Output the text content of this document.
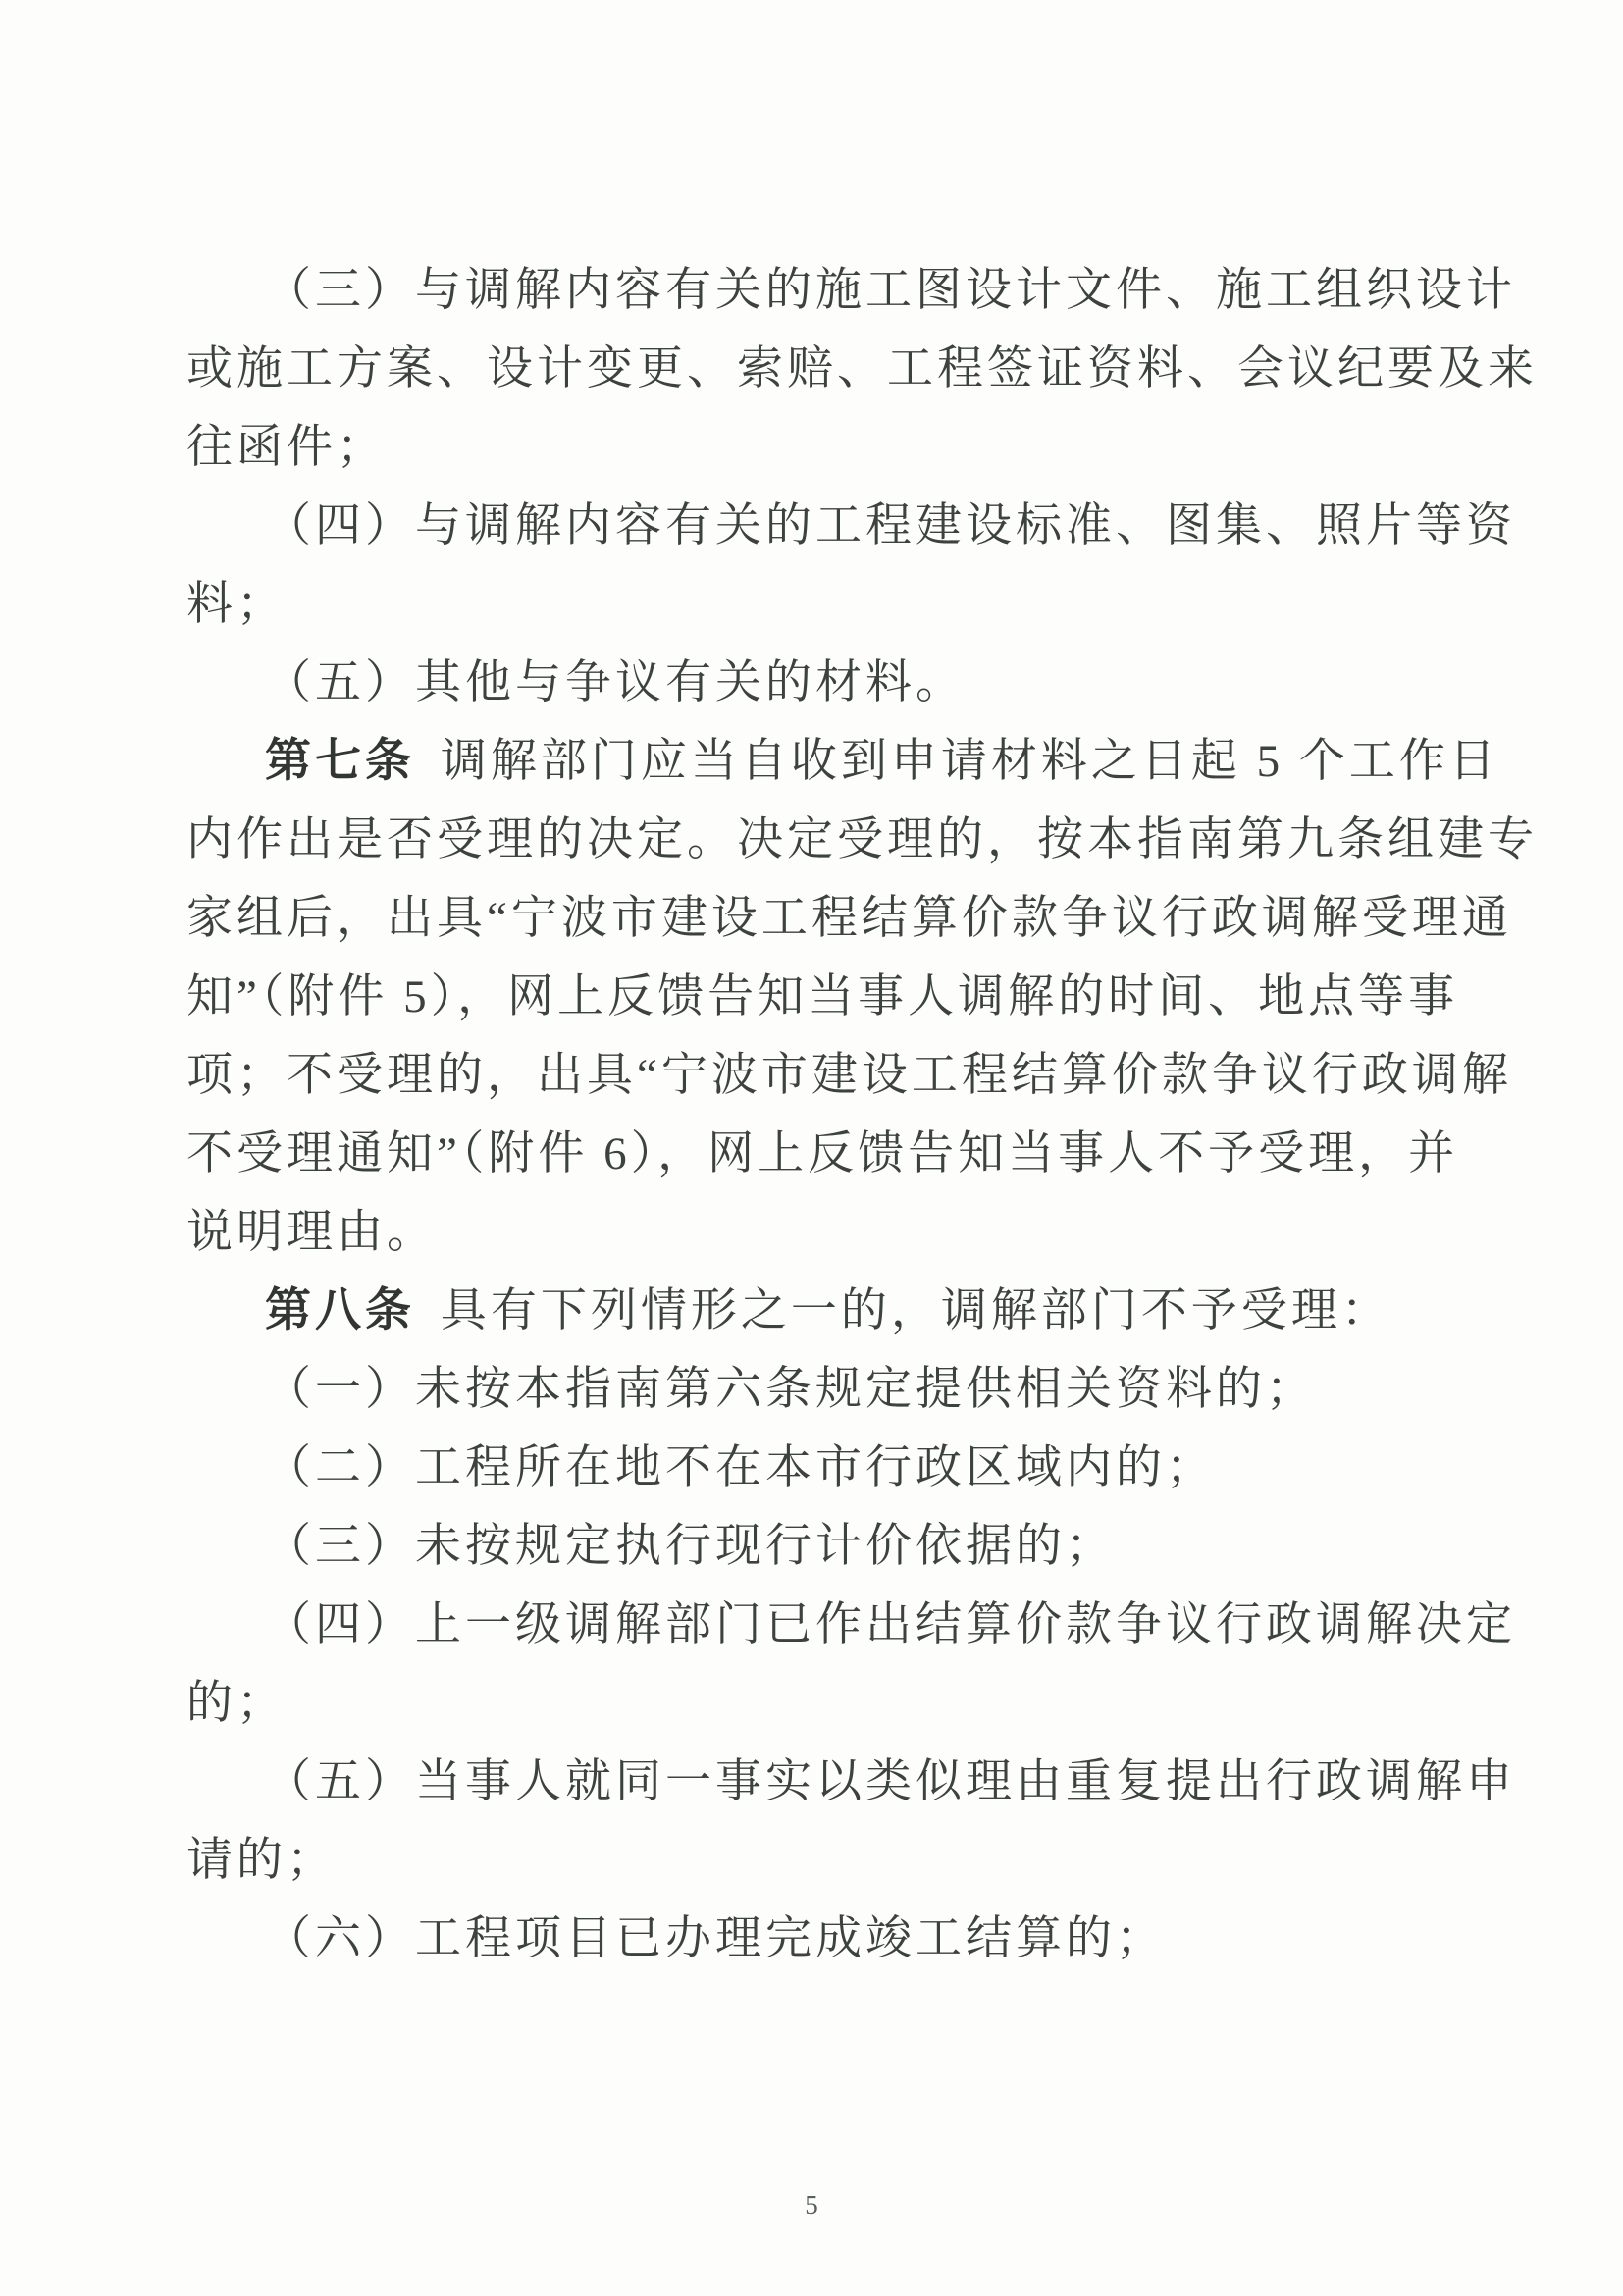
（三）与调解内容有关的施工图设计文件、施工组织设计
或施工方案、设计变更、索赔、工程签证资料、会议纪要及来
往函件；
（四）与调解内容有关的工程建设标准、图集、照片等资
料；
（五）其他与争议有关的材料。
第七条 调解部门应当自收到申请材料之日起 5 个工作日
内作出是否受理的决定。决定受理的，按本指南第九条组建专
家组后，出具“宁波市建设工程结算价款争议行政调解受理通
知”（附件 5），网上反馈告知当事人调解的时间、地点等事
项；不受理的，出具“宁波市建设工程结算价款争议行政调解
不受理通知”（附件 6），网上反馈告知当事人不予受理，并
说明理由。
第八条 具有下列情形之一的，调解部门不予受理：
（一）未按本指南第六条规定提供相关资料的；
（二）工程所在地不在本市行政区域内的；
（三）未按规定执行现行计价依据的；
（四）上一级调解部门已作出结算价款争议行政调解决定
的；
（五）当事人就同一事实以类似理由重复提出行政调解申
请的；
（六）工程项目已办理完成竣工结算的；
5
